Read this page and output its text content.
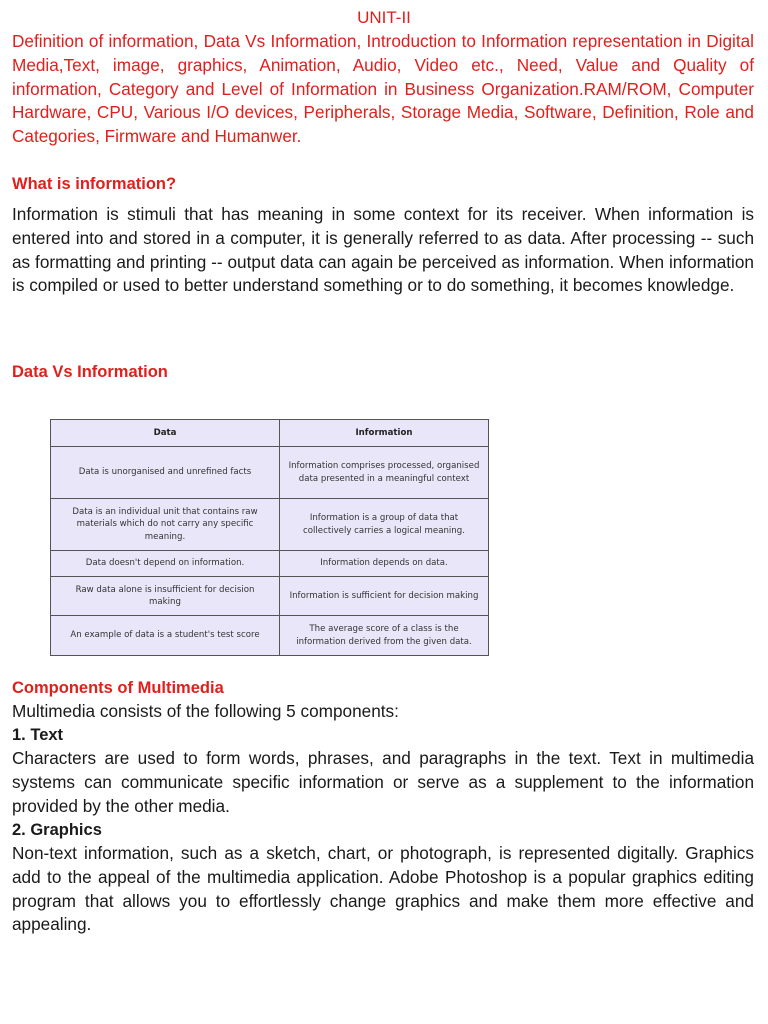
UNIT-II

Definition of information, Data Vs Information, Introduction to Information representation in Digital Media,Text, image, graphics, Animation, Audio, Video etc., Need, Value and Quality of information, Category and Level of Information in Business Organization.RAM/ROM, Computer Hardware, CPU, Various I/O devices, Peripherals, Storage Media, Software, Definition, Role and Categories, Firmware and Humanwer.

What is information?

Information is stimuli that has meaning in some context for its receiver. When information is entered into and stored in a computer, it is generally referred to as data. After processing -- such as formatting and printing -- output data can again be perceived as information. When information is compiled or used to better understand something or to do something, it becomes knowledge.

Data Vs Information
Data	Information
Data is unorganised and unrefined facts	Information comprises processed, organised data presented in a meaningful context
Data is an individual unit that contains raw materials which do not carry any specific meaning.	Information is a group of data that collectively carries a logical meaning.
Data doesn't depend on information.	Information depends on data.
Raw data alone is insufficient for decision making	Information is sufficient for decision making
An example of data is a student's test score	The average score of a class is the information derived from the given data.
Components of Multimedia

Multimedia consists of the following 5 components:

1. Text

Characters are used to form words, phrases, and paragraphs in the text. Text in multimedia systems can communicate specific information or serve as a supplement to the information provided by the other media.

2. Graphics

Non-text information, such as a sketch, chart, or photograph, is represented digitally. Graphics add to the appeal of the multimedia application. Adobe Photoshop is a popular graphics editing program that allows you to effortlessly change graphics and make them more effective and appealing.
